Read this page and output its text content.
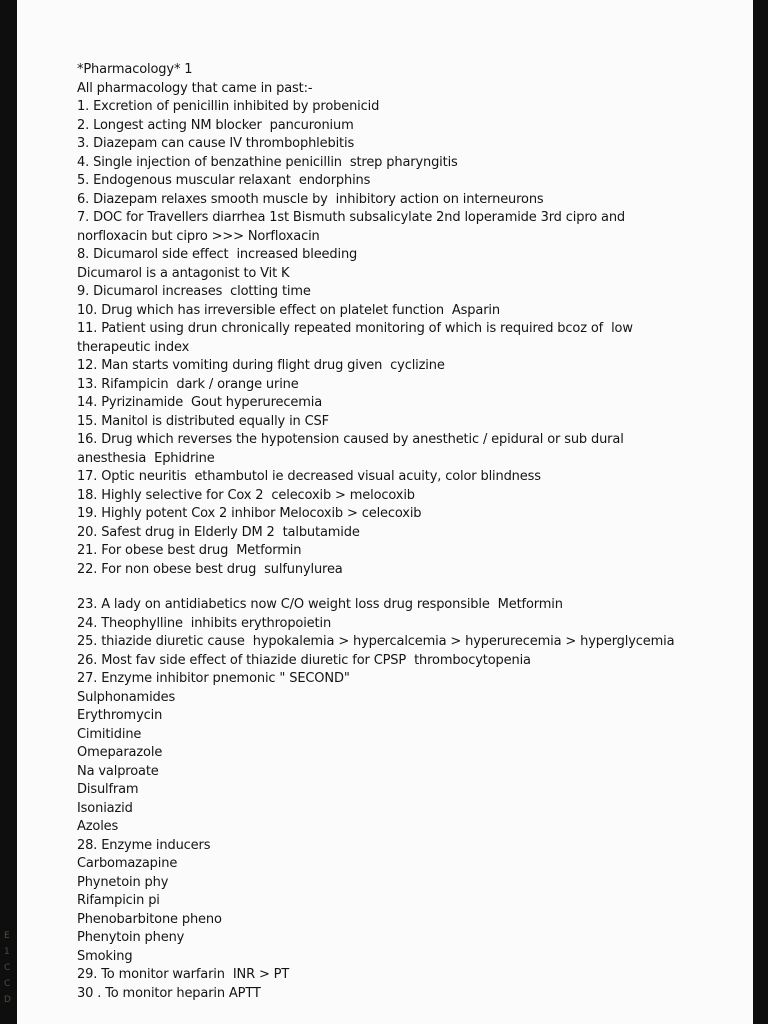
*Pharmacology* 1
All pharmacology that came in past:-
1. Excretion of penicillin inhibited by probenicid
2. Longest acting NM blocker  pancuronium
3. Diazepam can cause IV thrombophlebitis
4. Single injection of benzathine penicillin  strep pharyngitis
5. Endogenous muscular relaxant  endorphins
6. Diazepam relaxes smooth muscle by  inhibitory action on interneurons
7. DOC for Travellers diarrhea 1st Bismuth subsalicylate 2nd loperamide 3rd cipro and
norfloxacin but cipro >>> Norfloxacin
8. Dicumarol side effect  increased bleeding
Dicumarol is a antagonist to Vit K
9. Dicumarol increases  clotting time
10. Drug which has irreversible effect on platelet function  Asparin
11. Patient using drun chronically repeated monitoring of which is required bcoz of  low
therapeutic index
12. Man starts vomiting during flight drug given  cyclizine
13. Rifampicin  dark / orange urine
14. Pyrizinamide  Gout hyperurecemia
15. Manitol is distributed equally in CSF
16. Drug which reverses the hypotension caused by anesthetic / epidural or sub dural
anesthesia  Ephidrine
17. Optic neuritis  ethambutol ie decreased visual acuity, color blindness
18. Highly selective for Cox 2  celecoxib > melocoxib
19. Highly potent Cox 2 inhibor Melocoxib > celecoxib
20. Safest drug in Elderly DM 2  talbutamide
21. For obese best drug  Metformin
22. For non obese best drug  sulfunylurea
23. A lady on antidiabetics now C/O weight loss drug responsible  Metformin
24. Theophylline  inhibits erythropoietin
25. thiazide diuretic cause  hypokalemia > hypercalcemia > hyperurecemia > hyperglycemia
26. Most fav side effect of thiazide diuretic for CPSP  thrombocytopenia
27. Enzyme inhibitor pnemonic " SECOND"
Sulphonamides
Erythromycin
Cimitidine
Omeparazole
Na valproate
Disulfram
Isoniazid
Azoles
28. Enzyme inducers
Carbomazapine
Phynetoin phy
Rifampicin pi
Phenobarbitone pheno
Phenytoin pheny
Smoking
29. To monitor warfarin  INR > PT
30 . To monitor heparin APTT
E
1
C
C
D
